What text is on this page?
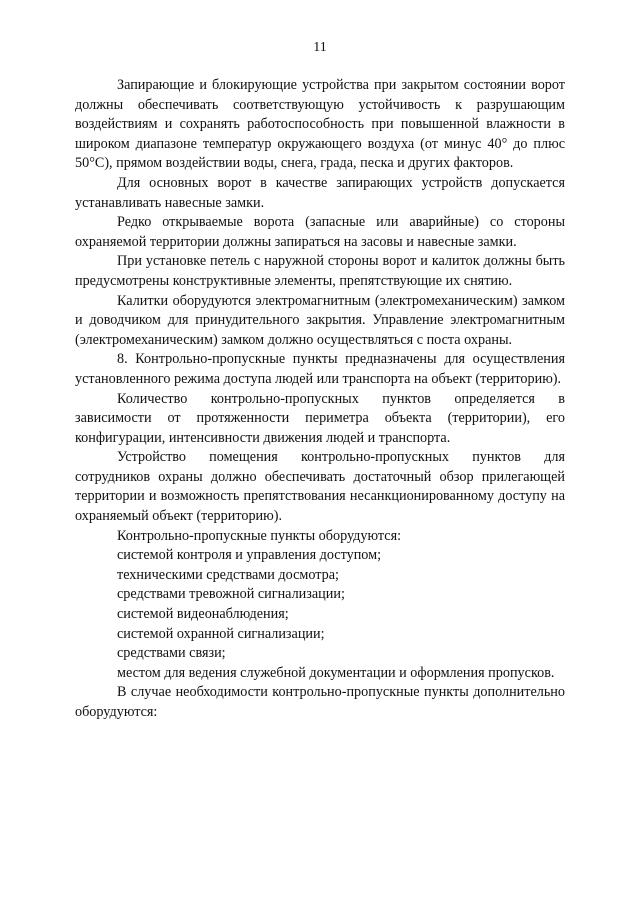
11

Запирающие и блокирующие устройства при закрытом состоянии ворот должны обеспечивать соответствующую устойчивость к разрушающим воздействиям и сохранять работоспособность при повышенной влажности в широком диапазоне температур окружающего воздуха (от минус 40° до плюс 50°С), прямом воздействии воды, снега, града, песка и других факторов.

Для основных ворот в качестве запирающих устройств допускается устанавливать навесные замки.

Редко открываемые ворота (запасные или аварийные) со стороны охраняемой территории должны запираться на засовы и навесные замки.

При установке петель с наружной стороны ворот и калиток должны быть предусмотрены конструктивные элементы, препятствующие их снятию.

Калитки оборудуются электромагнитным (электромеханическим) замком и доводчиком для принудительного закрытия. Управление электромагнитным (электромеханическим) замком должно осуществляться с поста охраны.

8. Контрольно-пропускные пункты предназначены для осуществления установленного режима доступа людей или транспорта на объект (территорию).

Количество контрольно-пропускных пунктов определяется в зависимости от протяженности периметра объекта (территории), его конфигурации, интенсивности движения людей и транспорта.

Устройство помещения контрольно-пропускных пунктов для сотрудников охраны должно обеспечивать достаточный обзор прилегающей территории и возможность препятствования несанкционированному доступу на охраняемый объект (территорию).

Контрольно-пропускные пункты оборудуются:

системой контроля и управления доступом;

техническими средствами досмотра;

средствами тревожной сигнализации;

системой видеонаблюдения;

системой охранной сигнализации;

средствами связи;

местом для ведения служебной документации и оформления пропусков.

В случае необходимости контрольно-пропускные пункты дополнительно оборудуются:
